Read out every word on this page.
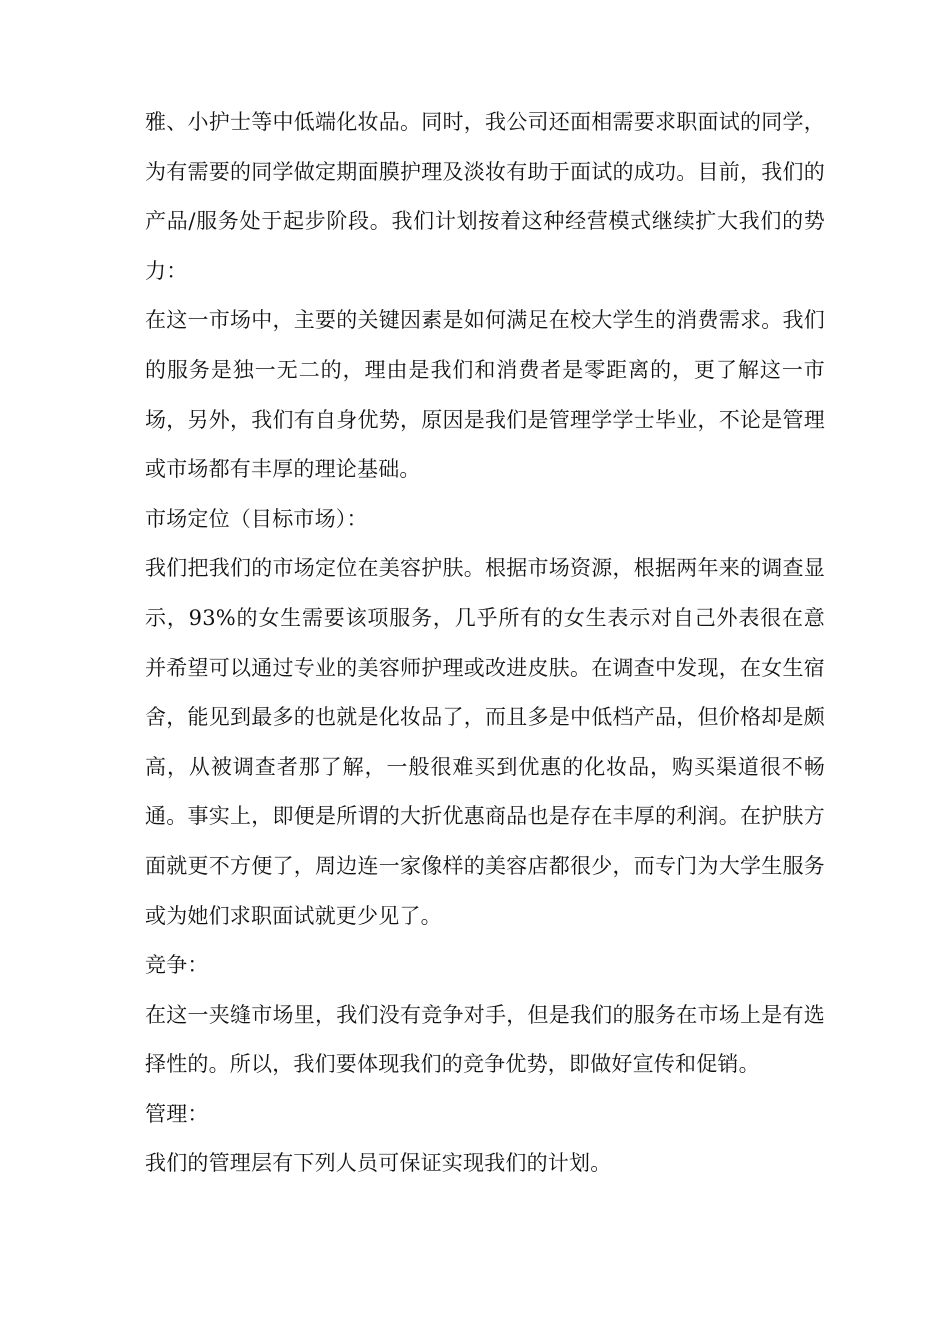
雅、小护士等中低端化妆品。同时，我公司还面相需要求职面试的同学，为有需要的同学做定期面膜护理及淡妆有助于面试的成功。目前，我们的产品/服务处于起步阶段。我们计划按着这种经营模式继续扩大我们的势力：

在这一市场中，主要的关键因素是如何满足在校大学生的消费需求。我们的服务是独一无二的，理由是我们和消费者是零距离的，更了解这一市场，另外，我们有自身优势，原因是我们是管理学学士毕业，不论是管理或市场都有丰厚的理论基础。

市场定位（目标市场）：

我们把我们的市场定位在美容护肤。根据市场资源，根据两年来的调查显示，93%的女生需要该项服务，几乎所有的女生表示对自己外表很在意并希望可以通过专业的美容师护理或改进皮肤。在调查中发现，在女生宿舍，能见到最多的也就是化妆品了，而且多是中低档产品，但价格却是颇高，从被调查者那了解，一般很难买到优惠的化妆品，购买渠道很不畅通。事实上，即便是所谓的大折优惠商品也是存在丰厚的利润。在护肤方面就更不方便了，周边连一家像样的美容店都很少，而专门为大学生服务或为她们求职面试就更少见了。

竞争：

在这一夹缝市场里，我们没有竞争对手，但是我们的服务在市场上是有选择性的。所以，我们要体现我们的竞争优势，即做好宣传和促销。

管理：

我们的管理层有下列人员可保证实现我们的计划。
